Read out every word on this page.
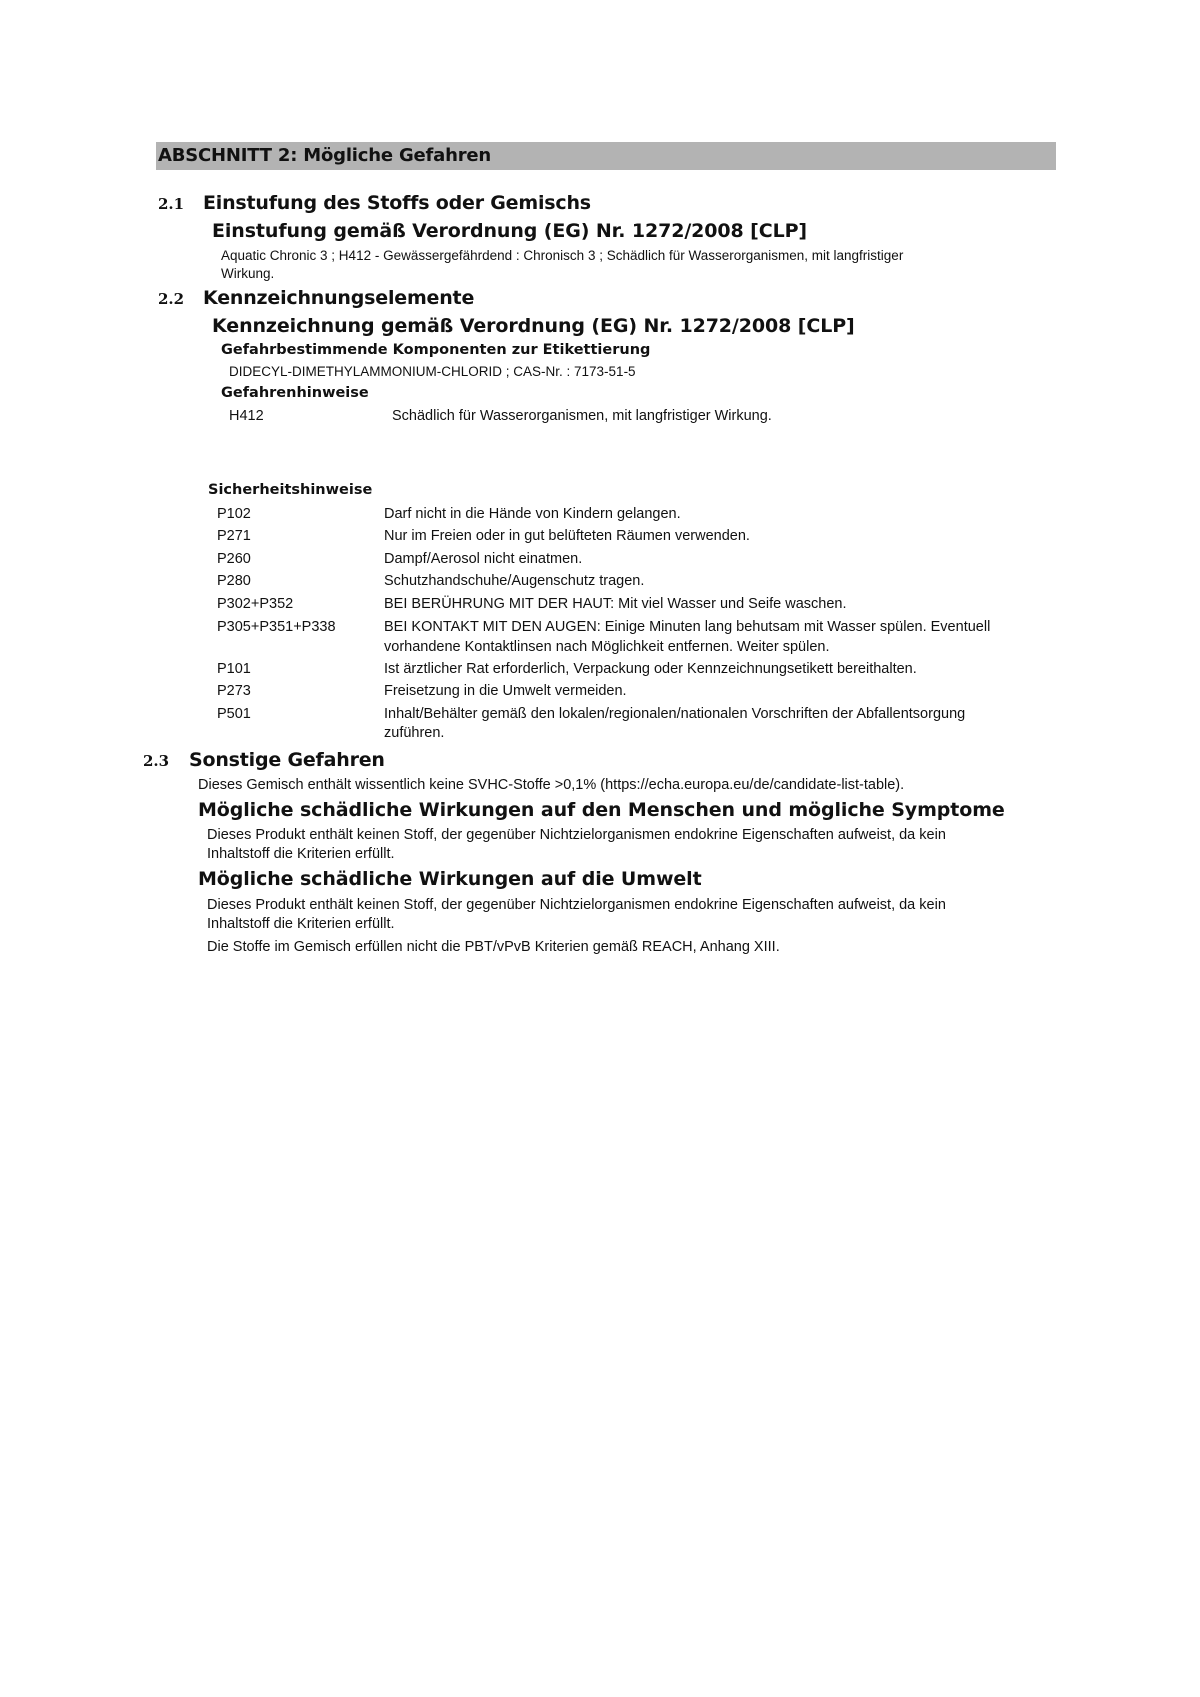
ABSCHNITT 2: Mögliche Gefahren
2.1 Einstufung des Stoffs oder Gemischs
Einstufung gemäß Verordnung (EG) Nr. 1272/2008 [CLP]
Aquatic Chronic 3 ; H412 - Gewässergefährdend : Chronisch 3 ; Schädlich für Wasserorganismen, mit langfristiger
Wirkung.
2.2 Kennzeichnungselemente
Kennzeichnung gemäß Verordnung (EG) Nr. 1272/2008 [CLP]
Gefahrbestimmende Komponenten zur Etikettierung
DIDECYL-DIMETHYLAMMONIUM-CHLORID ; CAS-Nr. : 7173-51-5
Gefahrenhinweise
H412	Schädlich für Wasserorganismen, mit langfristiger Wirkung.
Sicherheitshinweise
P102	Darf nicht in die Hände von Kindern gelangen.
P271	Nur im Freien oder in gut belüfteten Räumen verwenden.
P260	Dampf/Aerosol nicht einatmen.
P280	Schutzhandschuhe/Augenschutz tragen.
P302+P352	BEI BERÜHRUNG MIT DER HAUT: Mit viel Wasser und Seife waschen.
P305+P351+P338	BEI KONTAKT MIT DEN AUGEN: Einige Minuten lang behutsam mit Wasser spülen. Eventuell
vorhandene Kontaktlinsen nach Möglichkeit entfernen. Weiter spülen.
P101	Ist ärztlicher Rat erforderlich, Verpackung oder Kennzeichnungsetikett bereithalten.
P273	Freisetzung in die Umwelt vermeiden.
P501	Inhalt/Behälter gemäß den lokalen/regionalen/nationalen Vorschriften der Abfallentsorgung
zuführen.
2.3 Sonstige Gefahren
Dieses Gemisch enthält wissentlich keine SVHC-Stoffe >0,1% (https://echa.europa.eu/de/candidate-list-table).
Mögliche schädliche Wirkungen auf den Menschen und mögliche Symptome
Dieses Produkt enthält keinen Stoff, der gegenüber Nichtzielorganismen endokrine Eigenschaften aufweist, da kein
Inhaltstoff die Kriterien erfüllt.
Mögliche schädliche Wirkungen auf die Umwelt
Dieses Produkt enthält keinen Stoff, der gegenüber Nichtzielorganismen endokrine Eigenschaften aufweist, da kein
Inhaltstoff die Kriterien erfüllt.
Die Stoffe im Gemisch erfüllen nicht die PBT/vPvB Kriterien gemäß REACH, Anhang XIII.
